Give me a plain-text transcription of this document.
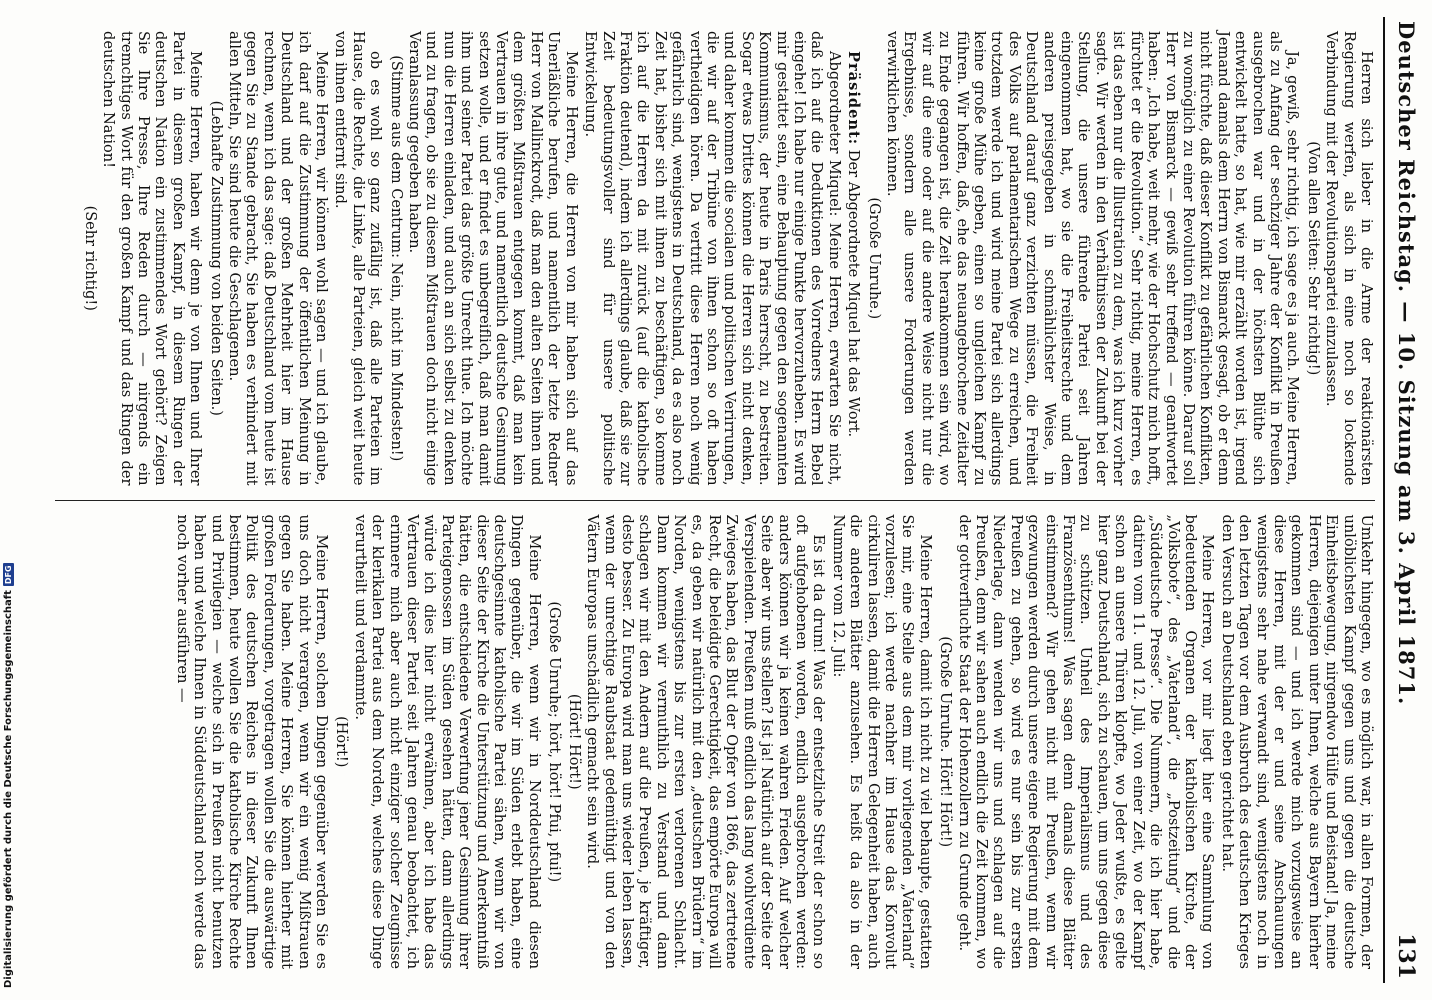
Deutscher Reichstag. — 10. Sitzung am 3. April 1871.
131

Herren sich lieber in die Arme der reaktionärsten Regierung werfen, als sich in eine noch so lockende Verbindung mit der Revolutionspartei einzulassen.

(Von allen Seiten: Sehr richtig!)

Ja, gewiß, sehr richtig, ich sage es ja auch. Meine Herren, als zu Anfang der sechziger Jahre der Konflikt in Preußen ausgebrochen war und in der höchsten Blüthe sich entwickelt hatte, so hat, wie mir erzählt worden ist, irgend Jemand damals dem Herrn von Bismarck gesagt, ob er denn nicht fürchte, daß dieser Konflikt zu gefährlichen Konflikten, zu womöglich zu einer Revolution führen könne. Darauf soll Herr von Bismarck — gewiß sehr treffend — geantwortet haben: „Ich habe, weit mehr, wie der Hochschutz mich hofft, fürchtet er die Revolution.“ Sehr richtig, meine Herren, es ist das eben nur die Illustration zu dem, was ich kurz vorher sagte. Wir werden in den Verhältnissen der Zukunft bei der Stellung, die unsere führende Partei seit Jahren eingenommen hat, wo sie die Freiheitsrechte und dem anderen preisgegeben in schmählichster Weise, in Deutschland darauf ganz verzichten müssen, die Freiheit des Volks auf parlamentarischem Wege zu erreichen, und trotzdem werde ich und wird meine Partei sich allerdings keine große Mühe geben, einen so ungleichen Kampf zu führen. Wir hoffen, daß, ehe das neuangebrochene Zeitalter zu Ende gegangen ist, die Zeit herankommen sein wird, wo wir auf die eine oder auf die andere Weise nicht nur die Ergebnisse, sondern alle unsere Forderungen werden verwirklichen können.

(Große Unruhe.)

Präsident: Der Abgeordnete Miquel hat das Wort.

Abgeordneter Miquel: Meine Herren, erwarten Sie nicht, daß ich auf die Deduktionen des Vorredners Herrn Bebel eingehe! Ich habe nur einige Punkte hervorzuheben. Es wird mir gestattet sein, eine Behauptung gegen den sogenannten Kommunismus, der heute in Paris herrscht, zu bestreiten. Sogar etwas Drittes können die Herren sich nicht denken, und daher kommen die socialen und politischen Verirrungen, die wir auf der Tribüne von ihnen schon so oft haben vertheidigen hören. Da vertritt diese Herren noch wenig gefährlich sind, wenigstens in Deutschland, da es also noch Zeit hat, bisher sich mit ihnen zu beschäftigen, so komme ich auf die Herren da mit zurück (auf die katholische Fraktion deutend), indem ich allerdings glaube, daß sie zur Zeit bedeutungsvoller sind für unsere politische Entwickelung.

Meine Herren, die Herren von mir haben sich auf das Unerläßliche berufen, und namentlich der letzte Redner Herr von Mallinckrodt, daß man den alten Seiten ihnen und dem größten Mißtrauen entgegen kommt, daß man kein Vertrauen in ihre gute, und namentlich deutsche Gesinnung setzen wolle, und er findet es unbegreiflich, daß man damit ihm und seiner Partei das größte Unrecht thue. Ich möchte nun die Herren einladen, und auch an sich selbst zu denken und zu fragen, ob sie zu diesem Mißtrauen doch nicht einige Veranlassung gegeben haben.

(Stimme aus dem Centrum: Nein, nicht im Mindesten!)

ob es wohl so ganz zufällig ist, daß alle Parteien im Hause, die Rechte, die Linke, alle Parteien, gleich weit heute von ihnen entfernt sind.

Meine Herren, wir können wohl sagen — und ich glaube, ich darf auf die Zustimmung der öffentlichen Meinung in Deutschland und der großen Mehrheit hier im Hause rechnen, wenn ich das sage: daß Deutschland vom heute ist gegen Sie zu Stande gebracht, Sie haben es verhindert mit allen Mitteln, Sie sind heute die Geschlagenen.

(Lebhafte Zustimmung von beiden Seiten.)

Meine Herren, haben wir denn je von Ihnen und Ihrer Partei in diesem großen Kampf, in diesem Ringen der deutschen Nation ein zustimmendes Wort gehört? Zeigen Sie Ihre Presse, Ihre Reden durch — nirgends ein tremchtiges Wort für den großen Kampf und das Ringen der deutschen Nation!

(Sehr richtig!)

Umkehr hingegen, wo es möglich war, in allen Formen, der unlöblichsten Kampf gegen uns und gegen die deutsche Einheitsbewegung, nirgendwo Hülfe und Beistand! Ja, meine Herren, diejenigen unter Ihnen, welche aus Bayern hierher gekommen sind — und ich werde mich vorzugsweise an diese Herren, mit der er und seine Anschauungen wenigstens sehr nahe verwandt sind, wenigstens noch in den letzten Tagen vor dem Ausbruch des deutschen Krieges den Versuch an Deutschland eben gerichtet hat.

Meine Herren, vor mir liegt hier eine Sammlung von bedeutenden Organen der katholischen Kirche, der „Volksbote“, des „Vaterland“, die „Postzeitung“ und die „Süddeutsche Presse“. Die Nummern, die ich hier habe, datiren vom 11. und 12. Juli, von einer Zeit, wo der Kampf schon an unsere Thüren klopfte, wo Jeder wußte, es gelte hier ganz Deutschland, sich zu schauen, um uns gegen diese zu schützen. Unheil des Imperialismus und des Französenthums! Was sagen denn damals diese Blätter einstimmend? Wir gehen nicht mit Preußen, wenn wir gezwungen werden durch unsere eigene Regierung mit dem Preußen zu gehen, so wird es nur sein bis zur ersten Niederlage, dann wenden wir uns und schlagen auf die Preußen, denn wir sahen auch endlich die Zeit kommen, wo der gottverfluchte Staat der Hohenzollern zu Grunde geht.

(Große Unruhe. Hört! Hört!)

Meine Herren, damit ich nicht zu viel behaupte, gestatten Sie mir, eine Stelle aus dem mir vorliegenden „Vaterland“ vorzulesen; ich werde nachher im Hause das Konvolut cirkuliren lassen, damit die Herren Gelegenheit haben, auch die anderen Blätter anzusehen. Es heißt da also in der Nummer vom 12. Juli:

Es ist da drum! Was der entsetzliche Streit der schon so oft aufgehobenen worden, endlich ausgebrochen werden: anders können wir ja keinen wahren Frieden. Auf welcher Seite aber wir uns stellen? Ist ja! Natürlich auf der Seite der Verspielenden. Preußen muß endlich das lang wohlverdiente Zwieges haben, das Blut der Opfer von 1866, das zertretene Recht, die beleidigte Gerechtigkeit, das empörte Europa will es, da geben wir natürlich mit den „deutschen Brüdern“ im Norden, wenigstens bis zur ersten verlorenen Schlacht. Dann kommen wir vermuthlich zu Verstand und dann schlagen wir mit den Andern auf die Preußen, je kräftiger, desto besser. Zu Europa wird man uns wieder leben lassen, wenn der unrechtige Raubstaat gedemüthigt und von den Vätern Europas unschädlich gemacht sein wird.

(Hört! Hört!)

(Große Unruhe; hört, hört! Pfui, pfui!)

Meine Herren, wenn wir in Norddeutschland diesen Dingen gegenüber, die wir im Süden erlebt haben, eine deutschgesinnte katholische Partei sähen, wenn wir von dieser Seite der Kirche die Unterstützung und Anerkenntniß hätten, die entschiedene Verwerfung jener Gesinnung ihrer Parteigenossen im Süden gesehen hätten, dann allerdings würde ich dies hier nicht erwähnen, aber ich habe das Vertrauen dieser Partei seit Jahren genau beobachtet, ich erinnere mich aber auch nicht einziger solcher Zeugnisse der klerikalen Partei aus dem Norden, welches diese Dinge verurtheilt und verdammte.

(Hört!)

Meine Herren, solchen Dingen gegenüber werden Sie es uns doch nicht verargen, wenn wir ein wenig Mißtrauen gegen Sie haben. Meine Herren, Sie können hierher mit großen Forderungen, vorgetragen wollen Sie die auswärtige Politik des deutschen Reiches in dieser Zukunft Ihnen bestimmen, heute wollen Sie die katholische Kirche Rechte und Privilegien — welche sich in Preußen nicht benutzen haben und welche Ihnen in Süddeutschland noch werde das noch vorher ausführen —

Digitalisierung gefördert durch die Deutsche ForschungsgemeinschaftDFG
